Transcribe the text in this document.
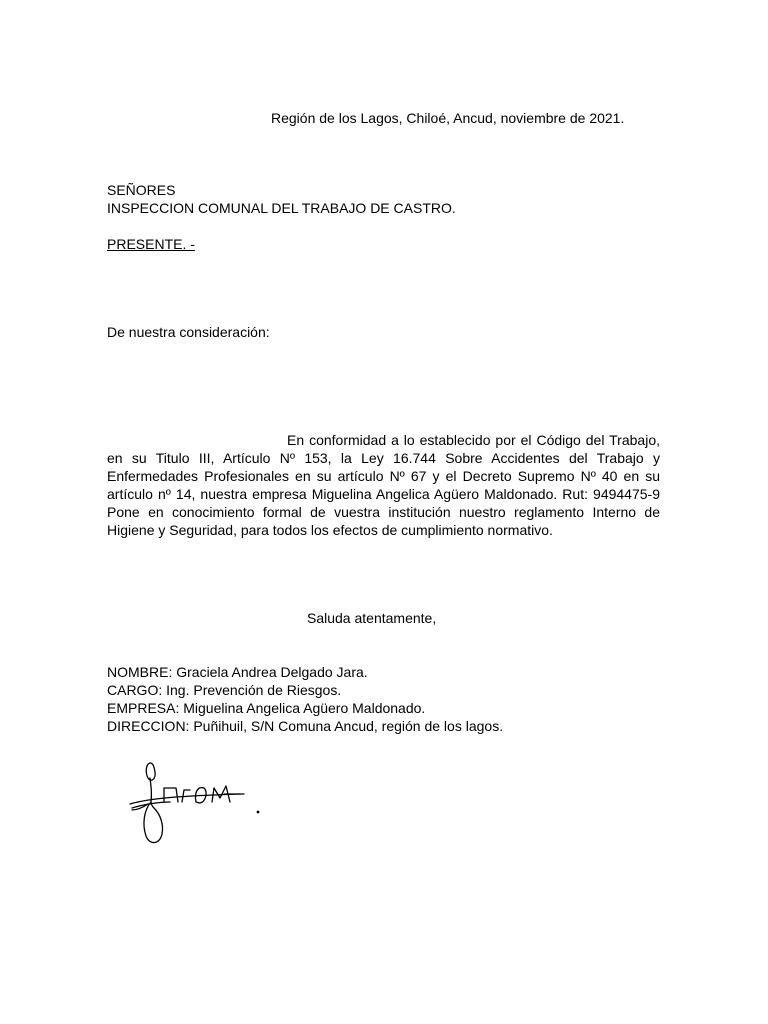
Región de los Lagos, Chiloé, Ancud, noviembre de 2021.
SEÑORES
INSPECCION COMUNAL DEL TRABAJO DE CASTRO.
PRESENTE. -
De nuestra consideración:
En conformidad a lo establecido por el Código del Trabajo, en su Titulo III, Artículo Nº 153, la Ley 16.744 Sobre Accidentes del Trabajo y Enfermedades Profesionales en su artículo Nº 67 y el Decreto Supremo Nº 40 en su artículo nº 14, nuestra empresa Miguelina Angelica Agüero Maldonado. Rut: 9494475-9 Pone en conocimiento formal de vuestra institución nuestro reglamento Interno de Higiene y Seguridad, para todos los efectos de cumplimiento normativo.
Saluda atentamente,
NOMBRE: Graciela Andrea Delgado Jara.
CARGO: Ing. Prevención de Riesgos.
EMPRESA: Miguelina Angelica Agüero Maldonado.
DIRECCION: Puñihuil, S/N Comuna Ancud, región de los lagos.
